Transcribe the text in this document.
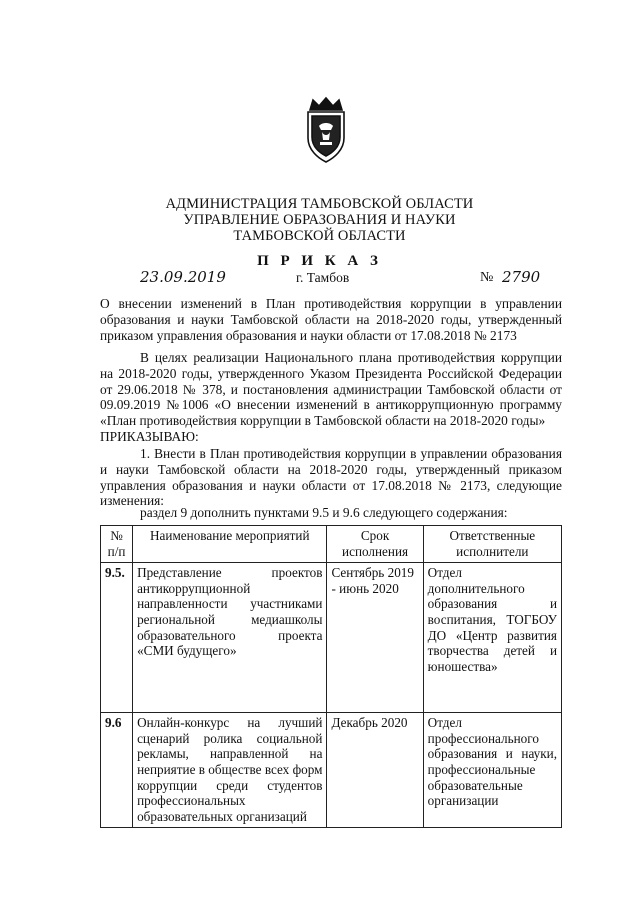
АДМИНИСТРАЦИЯ ТАМБОВСКОЙ ОБЛАСТИ
УПРАВЛЕНИЕ ОБРАЗОВАНИЯ И НАУКИ
ТАМБОВСКОЙ ОБЛАСТИ
П Р И К А З
23.09.2019	г. Тамбов	№ 2790
О внесении изменений в План противодействия коррупции в управлении образования и науки Тамбовской области на 2018-2020 годы, утвержденный приказом управления образования и науки области от 17.08.2018 № 2173
В целях реализации Национального плана противодействия коррупции на 2018-2020 годы, утвержденного Указом Президента Российской Федерации от 29.06.2018 № 378, и постановления администрации Тамбовской области от 09.09.2019 №1006 «О внесении изменений в антикоррупционную программу «План противодействия коррупции в Тамбовской области на 2018-2020 годы»
ПРИКАЗЫВАЮ:
1. Внести в План противодействия коррупции в управлении образования и науки Тамбовской области на 2018-2020 годы, утвержденный приказом управления образования и науки области от 17.08.2018 № 2173, следующие изменения:
раздел 9 дополнить пунктами 9.5 и 9.6 следующего содержания:
№ п/п	Наименование мероприятий	Срок исполнения	Ответственные исполнители
9.5.	Представление проектов антикоррупционной направленности участниками региональной медиашколы образовательного проекта «СМИ будущего»	Сентябрь 2019 - июнь 2020	Отдел дополнительного образования и воспитания, ТОГБОУ ДО «Центр развития творчества детей и юношества»
9.6	Онлайн-конкурс на лучший сценарий ролика социальной рекламы, направленной на неприятие в обществе всех форм коррупции среди студентов профессиональных образовательных организаций	Декабрь 2020	Отдел профессионального образования и науки, профессиональные образовательные организации
